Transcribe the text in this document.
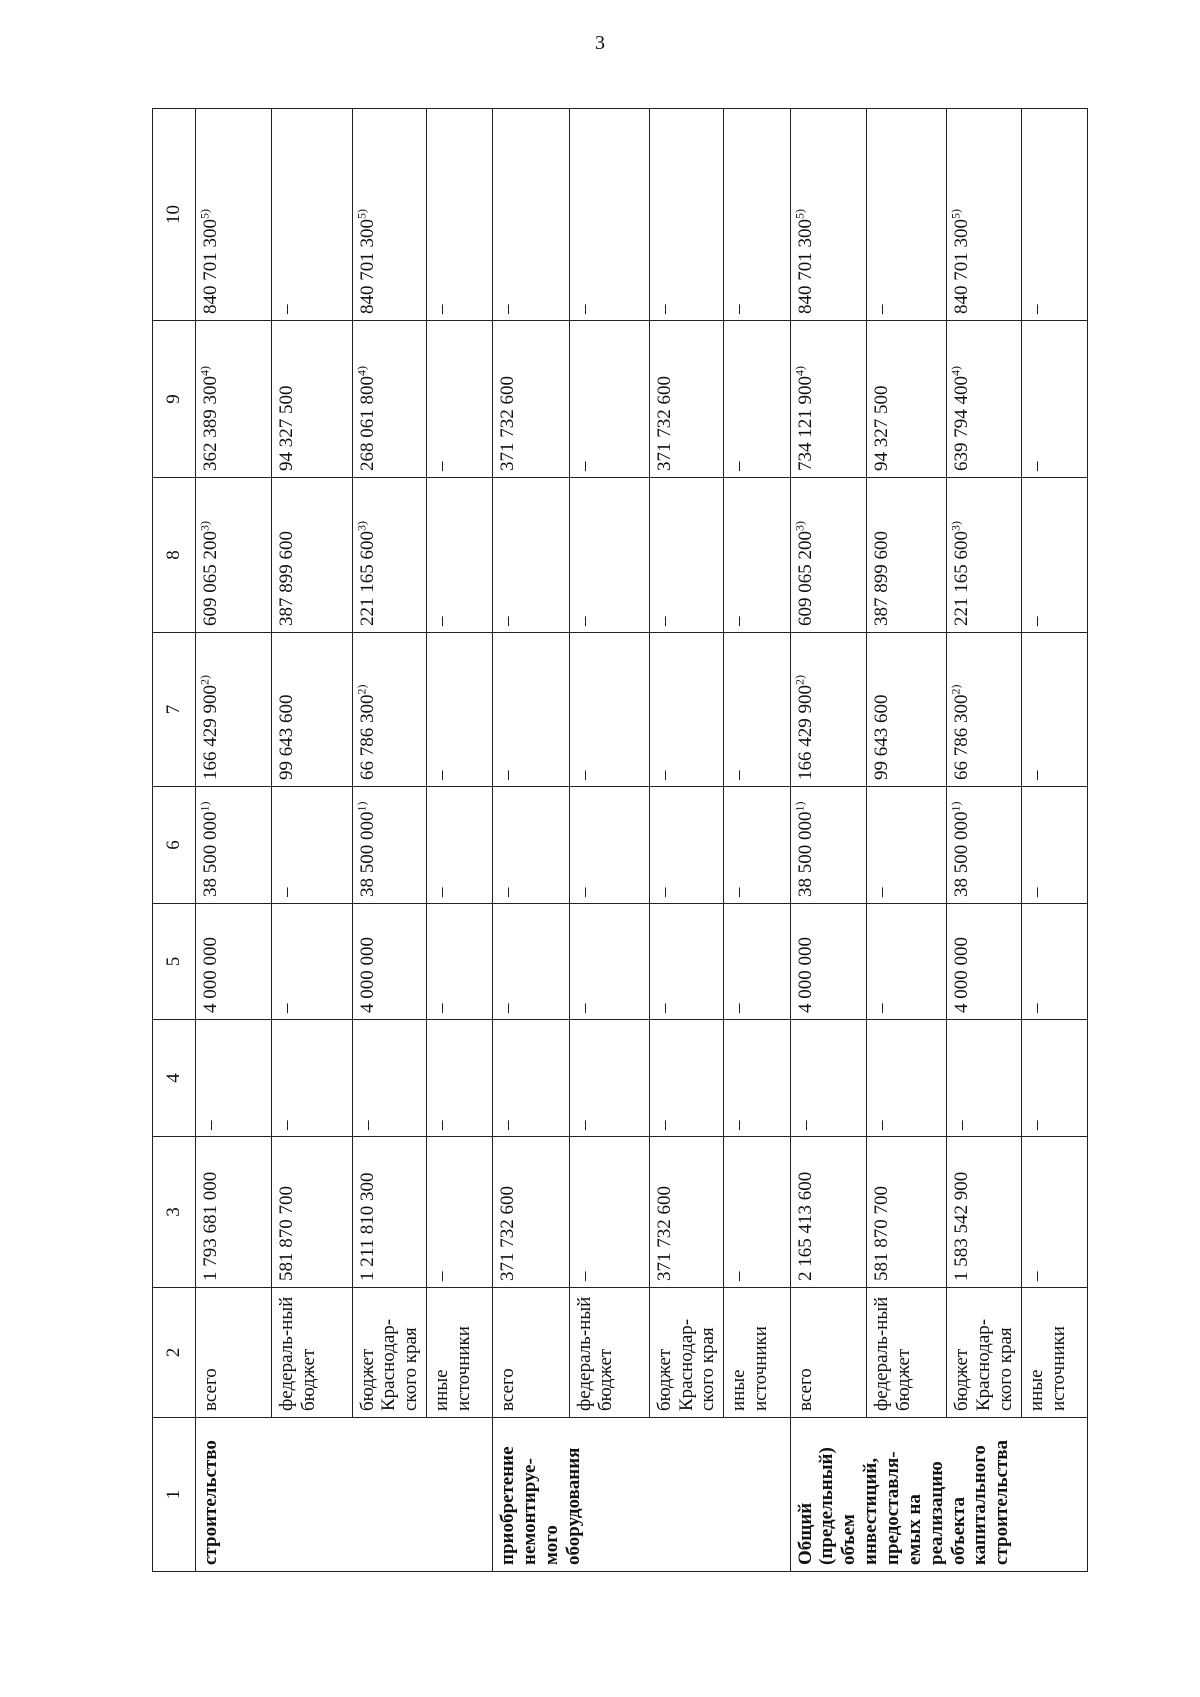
3
1	2	3	4	5	6	7	8	9	10
строительство	всего	1 793 681 000	–	4 000 000	38 500 000$^{1)}$	166 429 900$^{2)}$	609 065 200$^{3)}$	362 389 300$^{4)}$	840 701 300$^{5)}$
	федераль-ный бюджет	581 870 700	–	–	–	99 643 600	387 899 600	94 327 500	–
	бюджет Краснодар-ского края	1 211 810 300	–	4 000 000	38 500 000$^{1)}$	66 786 300$^{2)}$	221 165 600$^{3)}$	268 061 800$^{4)}$	840 701 300$^{5)}$
	иные источники	–	–	–	–	–	–	–	–
приобретение немонтируе-мого оборудования	всего	371 732 600	–	–	–	–	–	371 732 600	–
	федераль-ный бюджет	–	–	–	–	–	–	–	–
	бюджет Краснодар-ского края	371 732 600	–	–	–	–	–	371 732 600	–
	иные источники	–	–	–	–	–	–	–	–
Общий (предельный) объем инвестиций, предоставля-емых на реализацию объекта капитального строительства	всего	2 165 413 600	–	4 000 000	38 500 000$^{1)}$	166 429 900$^{2)}$	609 065 200$^{3)}$	734 121 900$^{4)}$	840 701 300$^{5)}$
	федераль-ный бюджет	581 870 700	–	–	–	99 643 600	387 899 600	94 327 500	–
	бюджет Краснодар-ского края	1 583 542 900	–	4 000 000	38 500 000$^{1)}$	66 786 300$^{2)}$	221 165 600$^{3)}$	639 794 400$^{4)}$	840 701 300$^{5)}$
	иные источники	–	–	–	–	–	–	–	–
